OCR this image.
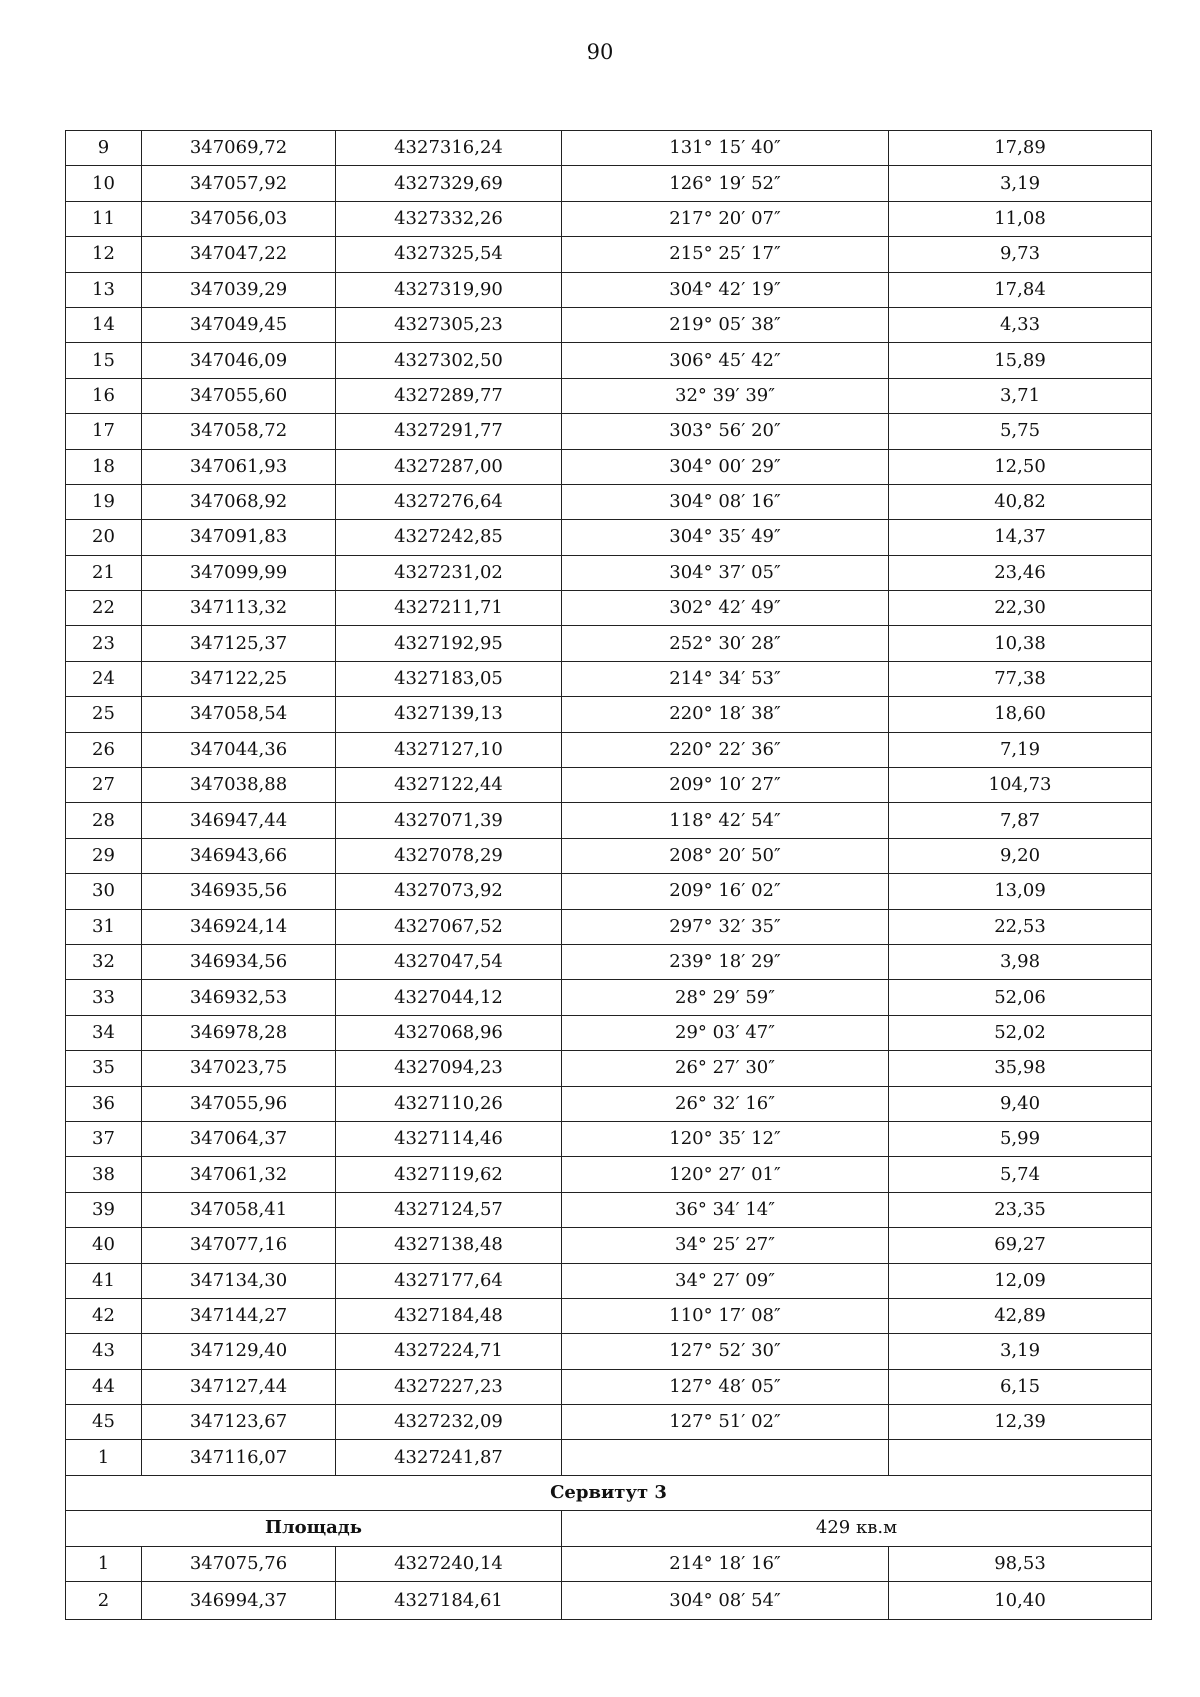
90
9	347069,72	4327316,24	131° 15′ 40″	17,89
10	347057,92	4327329,69	126° 19′ 52″	3,19
11	347056,03	4327332,26	217° 20′ 07″	11,08
12	347047,22	4327325,54	215° 25′ 17″	9,73
13	347039,29	4327319,90	304° 42′ 19″	17,84
14	347049,45	4327305,23	219° 05′ 38″	4,33
15	347046,09	4327302,50	306° 45′ 42″	15,89
16	347055,60	4327289,77	32° 39′ 39″	3,71
17	347058,72	4327291,77	303° 56′ 20″	5,75
18	347061,93	4327287,00	304° 00′ 29″	12,50
19	347068,92	4327276,64	304° 08′ 16″	40,82
20	347091,83	4327242,85	304° 35′ 49″	14,37
21	347099,99	4327231,02	304° 37′ 05″	23,46
22	347113,32	4327211,71	302° 42′ 49″	22,30
23	347125,37	4327192,95	252° 30′ 28″	10,38
24	347122,25	4327183,05	214° 34′ 53″	77,38
25	347058,54	4327139,13	220° 18′ 38″	18,60
26	347044,36	4327127,10	220° 22′ 36″	7,19
27	347038,88	4327122,44	209° 10′ 27″	104,73
28	346947,44	4327071,39	118° 42′ 54″	7,87
29	346943,66	4327078,29	208° 20′ 50″	9,20
30	346935,56	4327073,92	209° 16′ 02″	13,09
31	346924,14	4327067,52	297° 32′ 35″	22,53
32	346934,56	4327047,54	239° 18′ 29″	3,98
33	346932,53	4327044,12	28° 29′ 59″	52,06
34	346978,28	4327068,96	29° 03′ 47″	52,02
35	347023,75	4327094,23	26° 27′ 30″	35,98
36	347055,96	4327110,26	26° 32′ 16″	9,40
37	347064,37	4327114,46	120° 35′ 12″	5,99
38	347061,32	4327119,62	120° 27′ 01″	5,74
39	347058,41	4327124,57	36° 34′ 14″	23,35
40	347077,16	4327138,48	34° 25′ 27″	69,27
41	347134,30	4327177,64	34° 27′ 09″	12,09
42	347144,27	4327184,48	110° 17′ 08″	42,89
43	347129,40	4327224,71	127° 52′ 30″	3,19
44	347127,44	4327227,23	127° 48′ 05″	6,15
45	347123,67	4327232,09	127° 51′ 02″	12,39
1	347116,07	4327241,87		
Сервитут 3				
Площадь			429 кв.м	
1	347075,76	4327240,14	214° 18′ 16″	98,53
2	346994,37	4327184,61	304° 08′ 54″	10,40
